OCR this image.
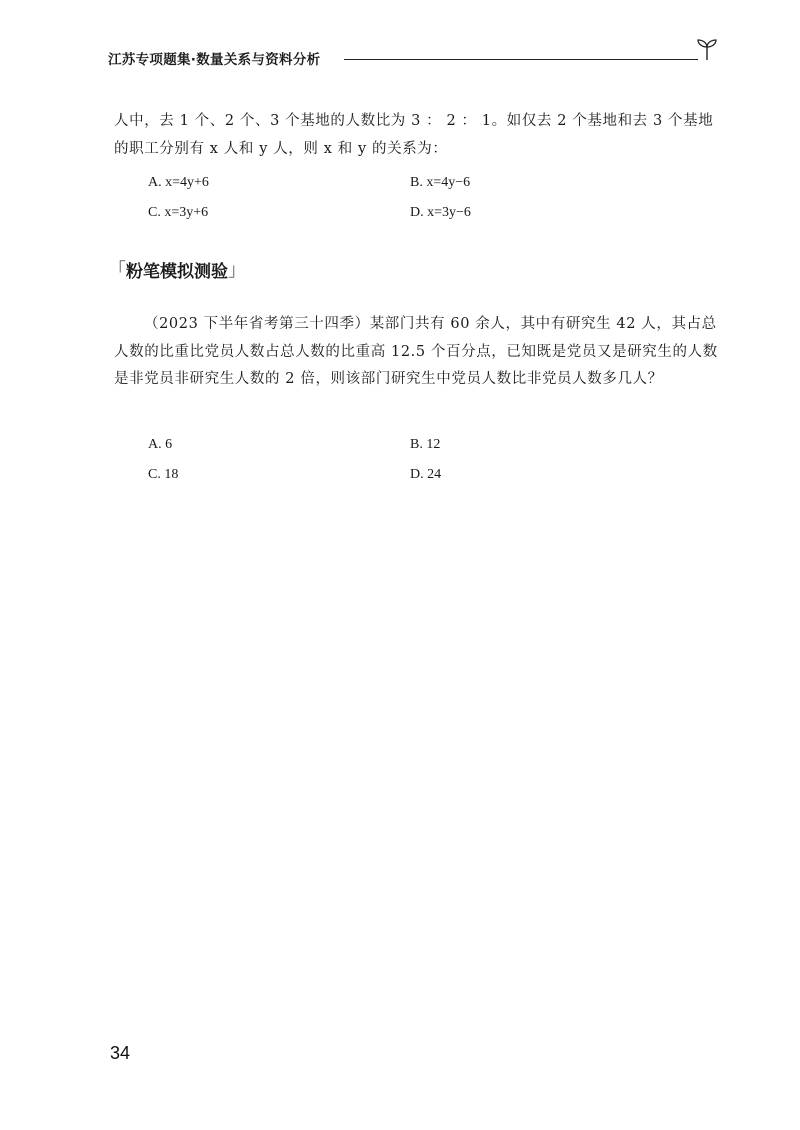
江苏专项题集·数量关系与资料分析
人中，去 1 个、2 个、3 个基地的人数比为 3 ： 2 ： 1。如仅去 2 个基地和去 3 个基地的职工分别有 x 人和 y 人，则 x 和 y 的关系为：
A. x=4y+6	B. x=4y−6
C. x=3y+6	D. x=3y−6
「 粉笔模拟测验 」
（2023 下半年省考第三十四季）某部门共有 60 余人，其中有研究生 42 人，其占总人数的比重比党员人数占总人数的比重高 12.5 个百分点，已知既是党员又是研究生的人数是非党员非研究生人数的 2 倍，则该部门研究生中党员人数比非党员人数多几人？
A. 6	B. 12
C. 18	D. 24
34
